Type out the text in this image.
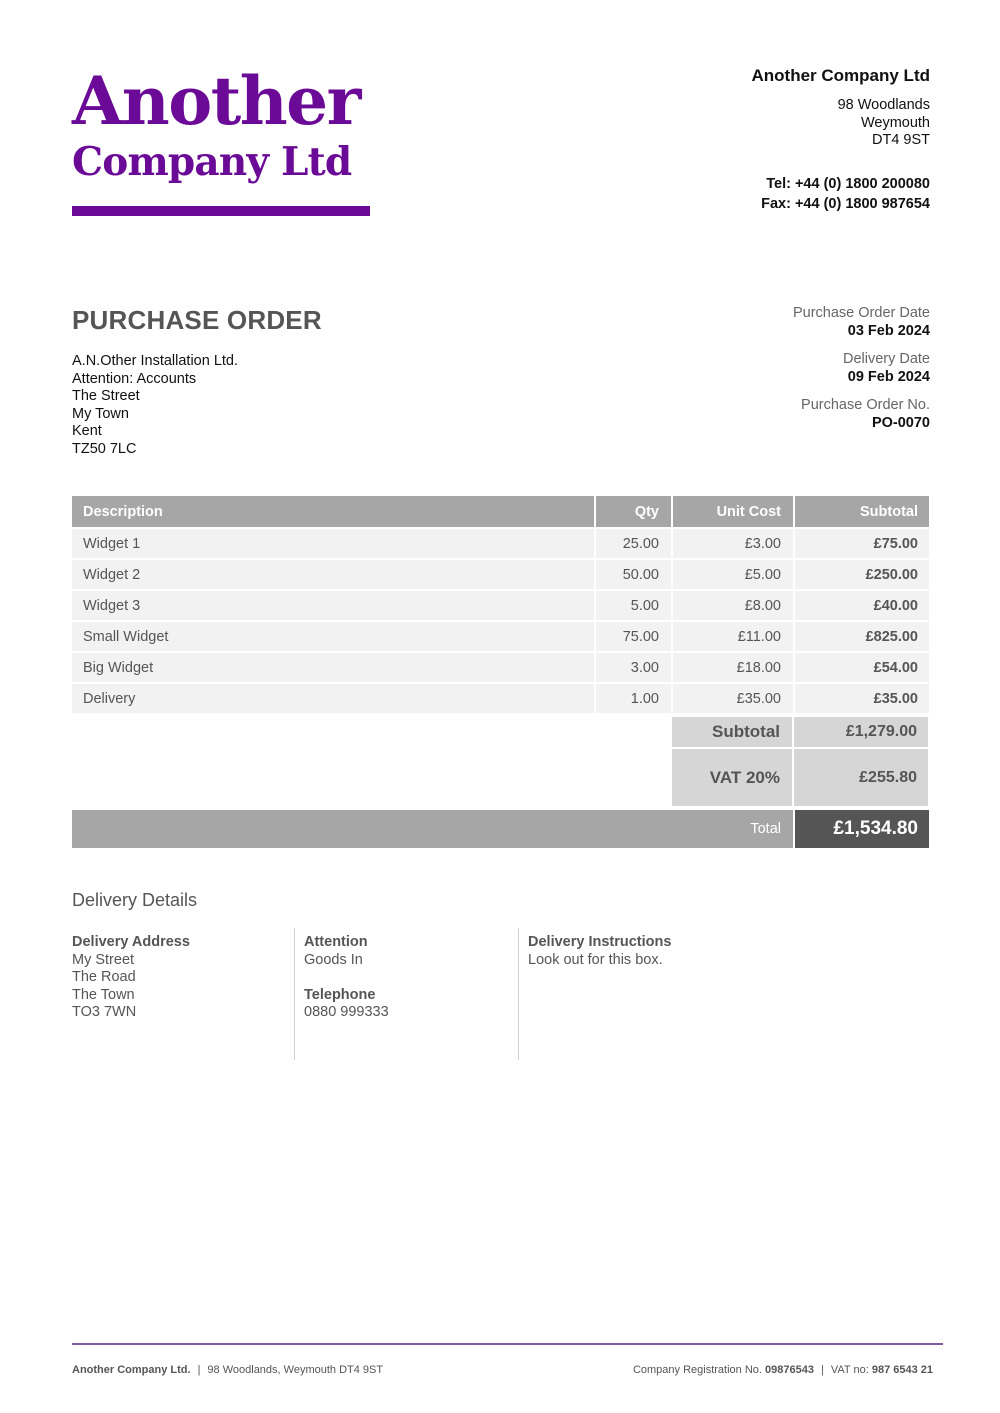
Another
Company Ltd
Another Company Ltd
98 Woodlands
Weymouth
DT4 9ST
Tel: +44 (0) 1800 200080
Fax: +44 (0) 1800 987654
PURCHASE ORDER
A.N.Other Installation Ltd.
Attention: Accounts
The Street
My Town
Kent
TZ50 7LC
Purchase Order Date
03 Feb 2024
Delivery Date
09 Feb 2024
Purchase Order No.
PO-0070
Description	Qty	Unit Cost	Subtotal
Widget 1	25.00	£3.00	£75.00
Widget 2	50.00	£5.00	£250.00
Widget 3	5.00	£8.00	£40.00
Small Widget	75.00	£11.00	£825.00
Big Widget	3.00	£18.00	£54.00
Delivery	1.00	£35.00	£35.00
Subtotal	£1,279.00
VAT 20%	£255.80
Total	£1,534.80
Delivery Details
Delivery Address
My Street
The Road
The Town
TO3 7WN
Attention
Goods In
Telephone
0880 999333
Delivery Instructions
Look out for this box.
Another Company Ltd. | 98 Woodlands, Weymouth DT4 9ST	Company Registration No. 09876543 | VAT no: 987 6543 21
